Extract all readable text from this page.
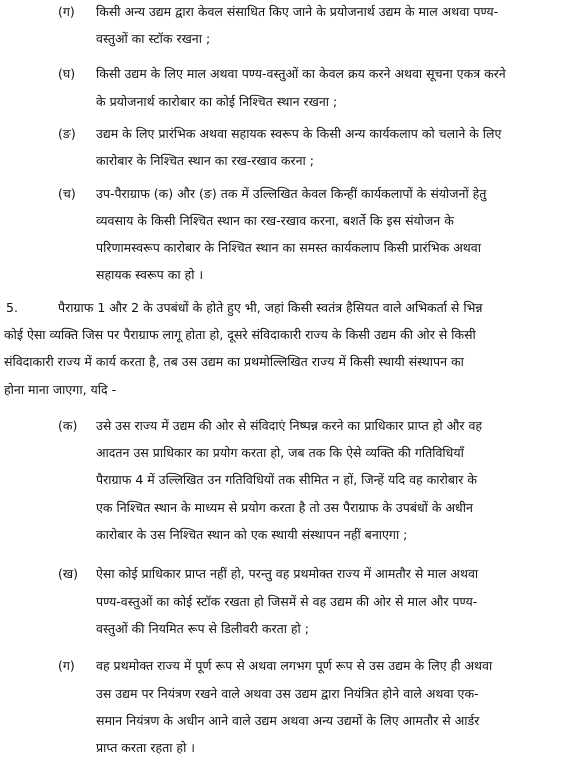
(ग) किसी अन्य उद्यम द्वारा केवल संसाधित किए जाने के प्रयोजनार्थ उद्यम के माल अथवा पण्य-
वस्तुओं का स्टॉक रखना ;
(घ) किसी उद्यम के लिए माल अथवा पण्य-वस्तुओं का केवल क्रय करने अथवा सूचना एकत्र करने
के प्रयोजनार्थ कारोबार का कोई निश्चित स्थान रखना ;
(ङ) उद्यम के लिए प्रारंभिक अथवा सहायक स्वरूप के किसी अन्य कार्यकलाप को चलाने के लिए
कारोबार के निश्चित स्थान का रख-रखाव करना ;
(च) उप-पैराग्राफ (क) और (ङ) तक में उल्लिखित केवल किन्हीं कार्यकलापों के संयोजनों हेतु
व्यवसाय के किसी निश्चित स्थान का रख-रखाव करना, बशर्ते कि इस संयोजन के
परिणामस्वरूप कारोबार के निश्चित स्थान का समस्त कार्यकलाप किसी प्रारंभिक अथवा
सहायक स्वरूप का हो ।
5.	पैराग्राफ 1 और 2 के उपबंधों के होते हुए भी, जहां किसी स्वतंत्र हैसियत वाले अभिकर्ता से भिन्न
कोई ऐसा व्यक्ति जिस पर पैराग्राफ लागू होता हो, दूसरे संविदाकारी राज्य के किसी उद्यम की ओर से किसी
संविदाकारी राज्य में कार्य करता है, तब उस उद्यम का प्रथमोल्लिखित राज्य में किसी स्थायी संस्थापन का
होना माना जाएगा, यदि -
(क) उसे उस राज्य में उद्यम की ओर से संविदाएं निष्पन्न करने का प्राधिकार प्राप्त हो और वह
आदतन उस प्राधिकार का प्रयोग करता हो, जब तक कि ऐसे व्यक्ति की गतिविधियाँ
पैराग्राफ 4 में उल्लिखित उन गतिविधियों तक सीमित न हों, जिन्हें यदि वह कारोबार के
एक निश्चित स्थान के माध्यम से प्रयोग करता है तो उस पैराग्राफ के उपबंधों के अधीन
कारोबार के उस निश्चित स्थान को एक स्थायी संस्थापन नहीं बनाएगा ;
(ख) ऐसा कोई प्राधिकार प्राप्त नहीं हो, परन्तु वह प्रथमोक्त राज्य में आमतौर से माल अथवा
पण्य-वस्तुओं का कोई स्टॉक रखता हो जिसमें से वह उद्यम की ओर से माल और पण्य-
वस्तुओं की नियमित रूप से डिलीवरी करता हो ;
(ग) वह प्रथमोक्त राज्य में पूर्ण रूप से अथवा लगभग पूर्ण रूप से उस उद्यम के लिए ही अथवा
उस उद्यम पर नियंत्रण रखने वाले अथवा उस उद्यम द्वारा नियंत्रित होने वाले अथवा एक-
समान नियंत्रण के अधीन आने वाले उद्यम अथवा अन्य उद्यमों के लिए आमतौर से आर्डर
प्राप्त करता रहता हो ।
